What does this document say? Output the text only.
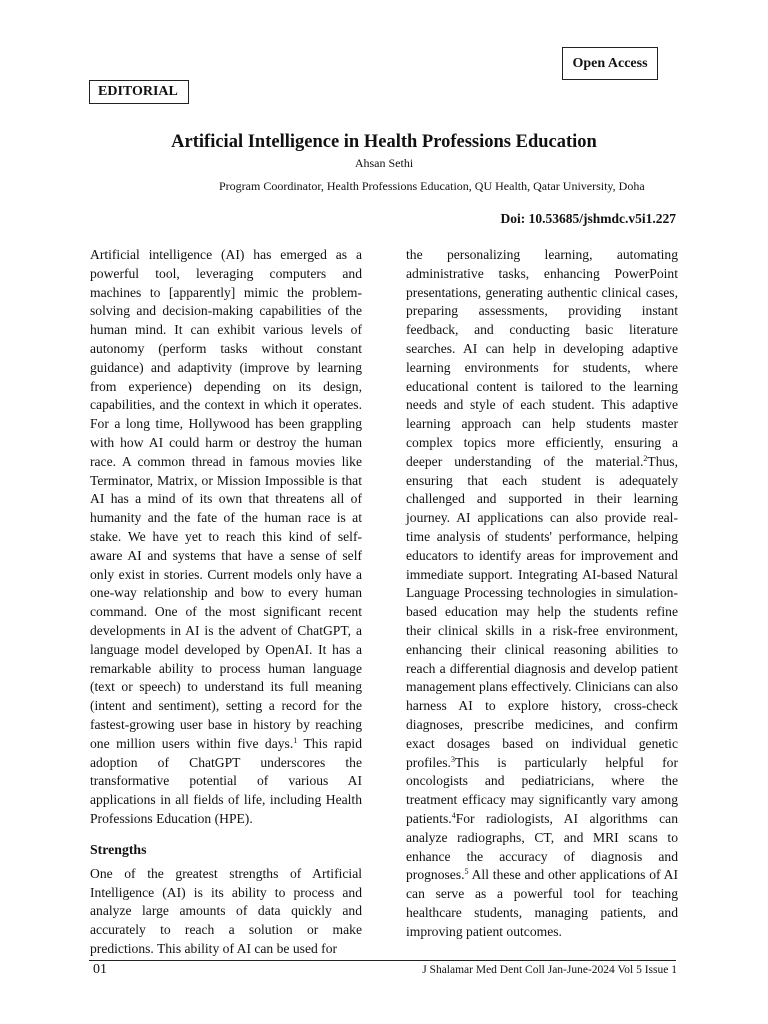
Open Access
EDITORIAL
Artificial Intelligence in Health Professions Education
Ahsan Sethi
Program Coordinator, Health Professions Education, QU Health, Qatar University, Doha
Doi: 10.53685/jshmdc.v5i1.227

Artificial intelligence (AI) has emerged as a powerful tool, leveraging computers and machines to [apparently] mimic the problem-solving and decision-making capabilities of the human mind. It can exhibit various levels of autonomy (perform tasks without constant guidance) and adaptivity (improve by learning from experience) depending on its design, capabilities, and the context in which it operates. For a long time, Hollywood has been grappling with how AI could harm or destroy the human race. A common thread in famous movies like Terminator, Matrix, or Mission Impossible is that AI has a mind of its own that threatens all of humanity and the fate of the human race is at stake. We have yet to reach this kind of self-aware AI and systems that have a sense of self only exist in stories. Current models only have a one-way relationship and bow to every human command. One of the most significant recent developments in AI is the advent of ChatGPT, a language model developed by OpenAI. It has a remarkable ability to process human language (text or speech) to understand its full meaning (intent and sentiment), setting a record for the fastest-growing user base in history by reaching one million users within five days.$^1$ This rapid adoption of ChatGPT underscores the transformative potential of various AI applications in all fields of life, including Health Professions Education (HPE).

Strengths

One of the greatest strengths of Artificial Intelligence (AI) is its ability to process and analyze large amounts of data quickly and accurately to reach a solution or make predictions. This ability of AI can be used for

the personalizing learning, automating administrative tasks, enhancing PowerPoint presentations, generating authentic clinical cases, preparing assessments, providing instant feedback, and conducting basic literature searches. AI can help in developing adaptive learning environments for students, where educational content is tailored to the learning needs and style of each student. This adaptive learning approach can help students master complex topics more efficiently, ensuring a deeper understanding of the material.$^2$Thus, ensuring that each student is adequately challenged and supported in their learning journey. AI applications can also provide real-time analysis of students' performance, helping educators to identify areas for improvement and immediate support. Integrating AI-based Natural Language Processing technologies in simulation-based education may help the students refine their clinical skills in a risk-free environment, enhancing their clinical reasoning abilities to reach a differential diagnosis and develop patient management plans effectively. Clinicians can also harness AI to explore history, cross-check diagnoses, prescribe medicines, and confirm exact dosages based on individual genetic profiles.$^3$This is particularly helpful for oncologists and pediatricians, where the treatment efficacy may significantly vary among patients.$^4$For radiologists, AI algorithms can analyze radiographs, CT, and MRI scans to enhance the accuracy of diagnosis and prognoses.$^5$ All these and other applications of AI can serve as a powerful tool for teaching healthcare students, managing patients, and improving patient outcomes.

01	J Shalamar Med Dent Coll Jan-June-2024 Vol 5 Issue 1
